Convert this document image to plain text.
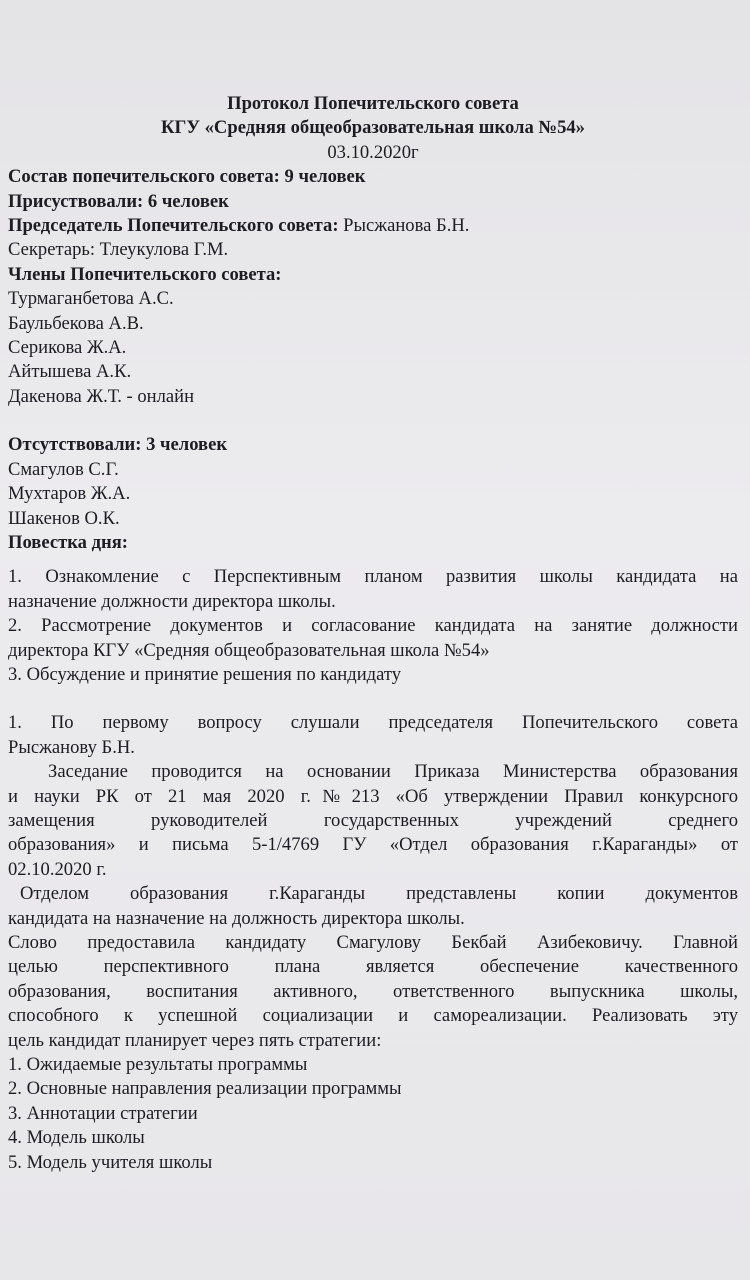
Протокол Попечительского совета

КГУ «Средняя общеобразовательная школа №54»

03.10.2020г

Состав попечительского совета: 9 человек

Присуствовали: 6 человек

Председатель Попечительского совета: Рысжанова Б.Н.

Секретарь: Тлеукулова Г.М.

Члены Попечительского совета:

Турмаганбетова А.С.

Баульбекова А.В.

Серикова Ж.А.

Айтышева А.К.

Дакенова Ж.Т. - онлайн

Отсутствовали: 3 человек

Смагулов С.Г.

Мухтаров Ж.А.

Шакенов О.К.

Повестка дня:

1. Ознакомление с Перспективным планом развития школы кандидата на

назначение должности директора школы.

2. Рассмотрение документов и согласование кандидата на занятие должности

директора КГУ «Средняя общеобразовательная школа №54»

3. Обсуждение и принятие решения по кандидату

1. По первому вопросу слушали председателя Попечительского совета

Рысжанову Б.Н.

Заседание проводится на основании Приказа Министерства образования

и науки РК от 21 мая 2020 г.№213 «Об утверждении Правил конкурсного

замещения руководителей государственных учреждений среднего

образования» и письма 5-1/4769 ГУ «Отдел образования г.Караганды» от

02.10.2020 г.

Отделом образования г.Караганды представлены копии документов

кандидата на назначение на должность директора школы.

Слово предоставила кандидату Смагулову Бекбай Азибековичу. Главной

целью перспективного плана является обеспечение качественного

образования, воспитания активного, ответственного выпускника школы,

способного к успешной социализации и самореализации. Реализовать эту

цель кандидат планирует через пять стратегии:

1. Ожидаемые результаты программы

2. Основные направления реализации программы

3. Аннотации стратегии

4. Модель школы

5. Модель учителя школы
